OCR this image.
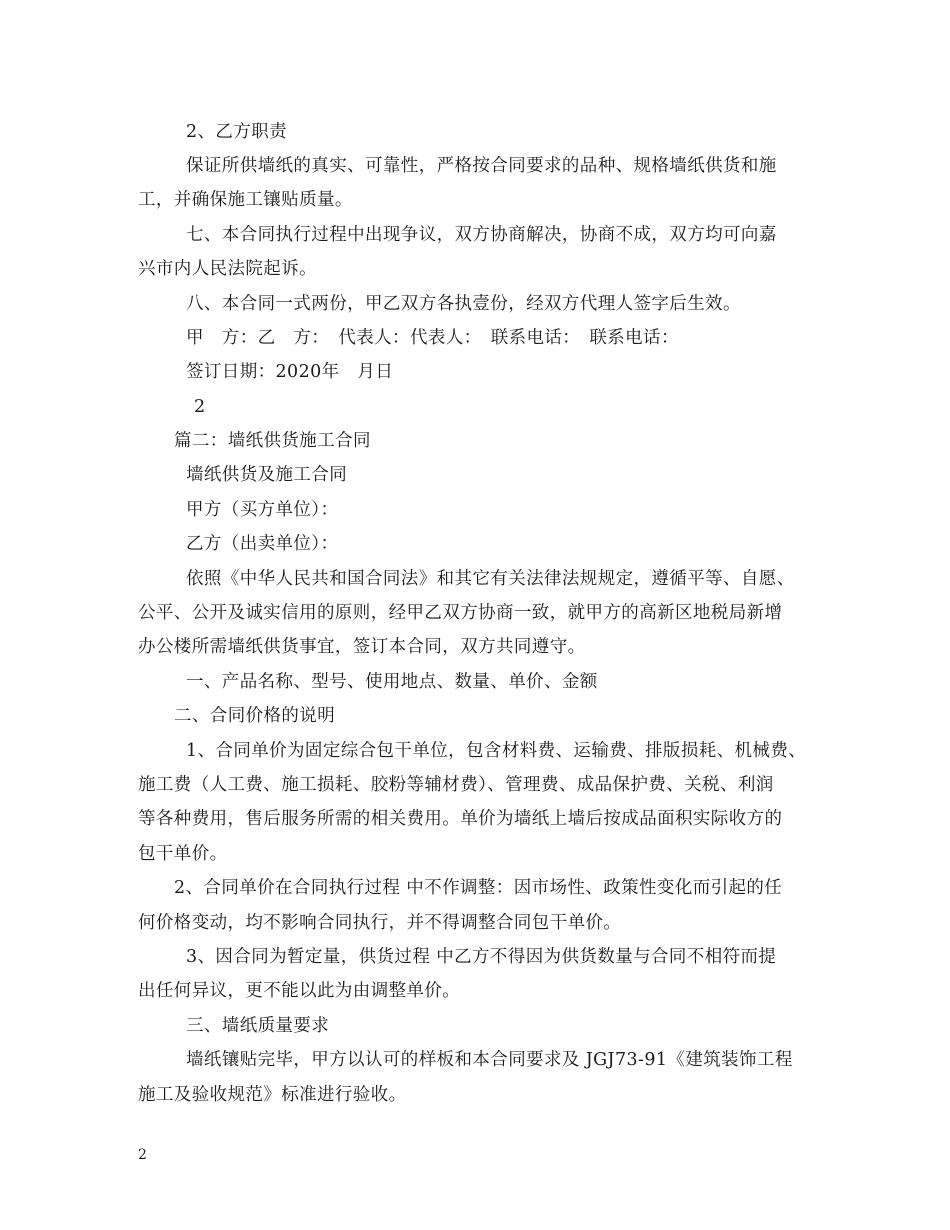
2、乙方职责
保证所供墙纸的真实、可靠性，严格按合同要求的品种、规格墙纸供货和施
工，并确保施工镶贴质量。
七、本合同执行过程中出现争议，双方协商解决，协商不成，双方均可向嘉
兴市内人民法院起诉。
八、本合同一式两份，甲乙双方各执壹份，经双方代理人签字后生效。
甲　方：乙　方：　代表人：代表人：　联系电话：　联系电话：
签订日期：2020年　月日
2
篇二：墙纸供货施工合同
墙纸供货及施工合同
甲方（买方单位）：
乙方（出卖单位）：
依照《中华人民共和国合同法》和其它有关法律法规规定，遵循平等、自愿、
公平、公开及诚实信用的原则，经甲乙双方协商一致，就甲方的高新区地税局新增
办公楼所需墙纸供货事宜，签订本合同，双方共同遵守。
一、产品名称、型号、使用地点、数量、单价、金额
二、合同价格的说明
1、合同单价为固定综合包干单位，包含材料费、运输费、排版损耗、机械费、
施工费（人工费、施工损耗、胶粉等辅材费）、管理费、成品保护费、关税、利润
等各种费用，售后服务所需的相关费用。单价为墙纸上墙后按成品面积实际收方的
包干单价。
2、合同单价在合同执行过程 中不作调整：因市场性、政策性变化而引起的任
何价格变动，均不影响合同执行，并不得调整合同包干单价。
3、因合同为暂定量，供货过程 中乙方不得因为供货数量与合同不相符而提
出任何异议，更不能以此为由调整单价。
三、墙纸质量要求
墙纸镶贴完毕，甲方以认可的样板和本合同要求及 JGJ73-91《建筑装饰工程
施工及验收规范》标准进行验收。
2
